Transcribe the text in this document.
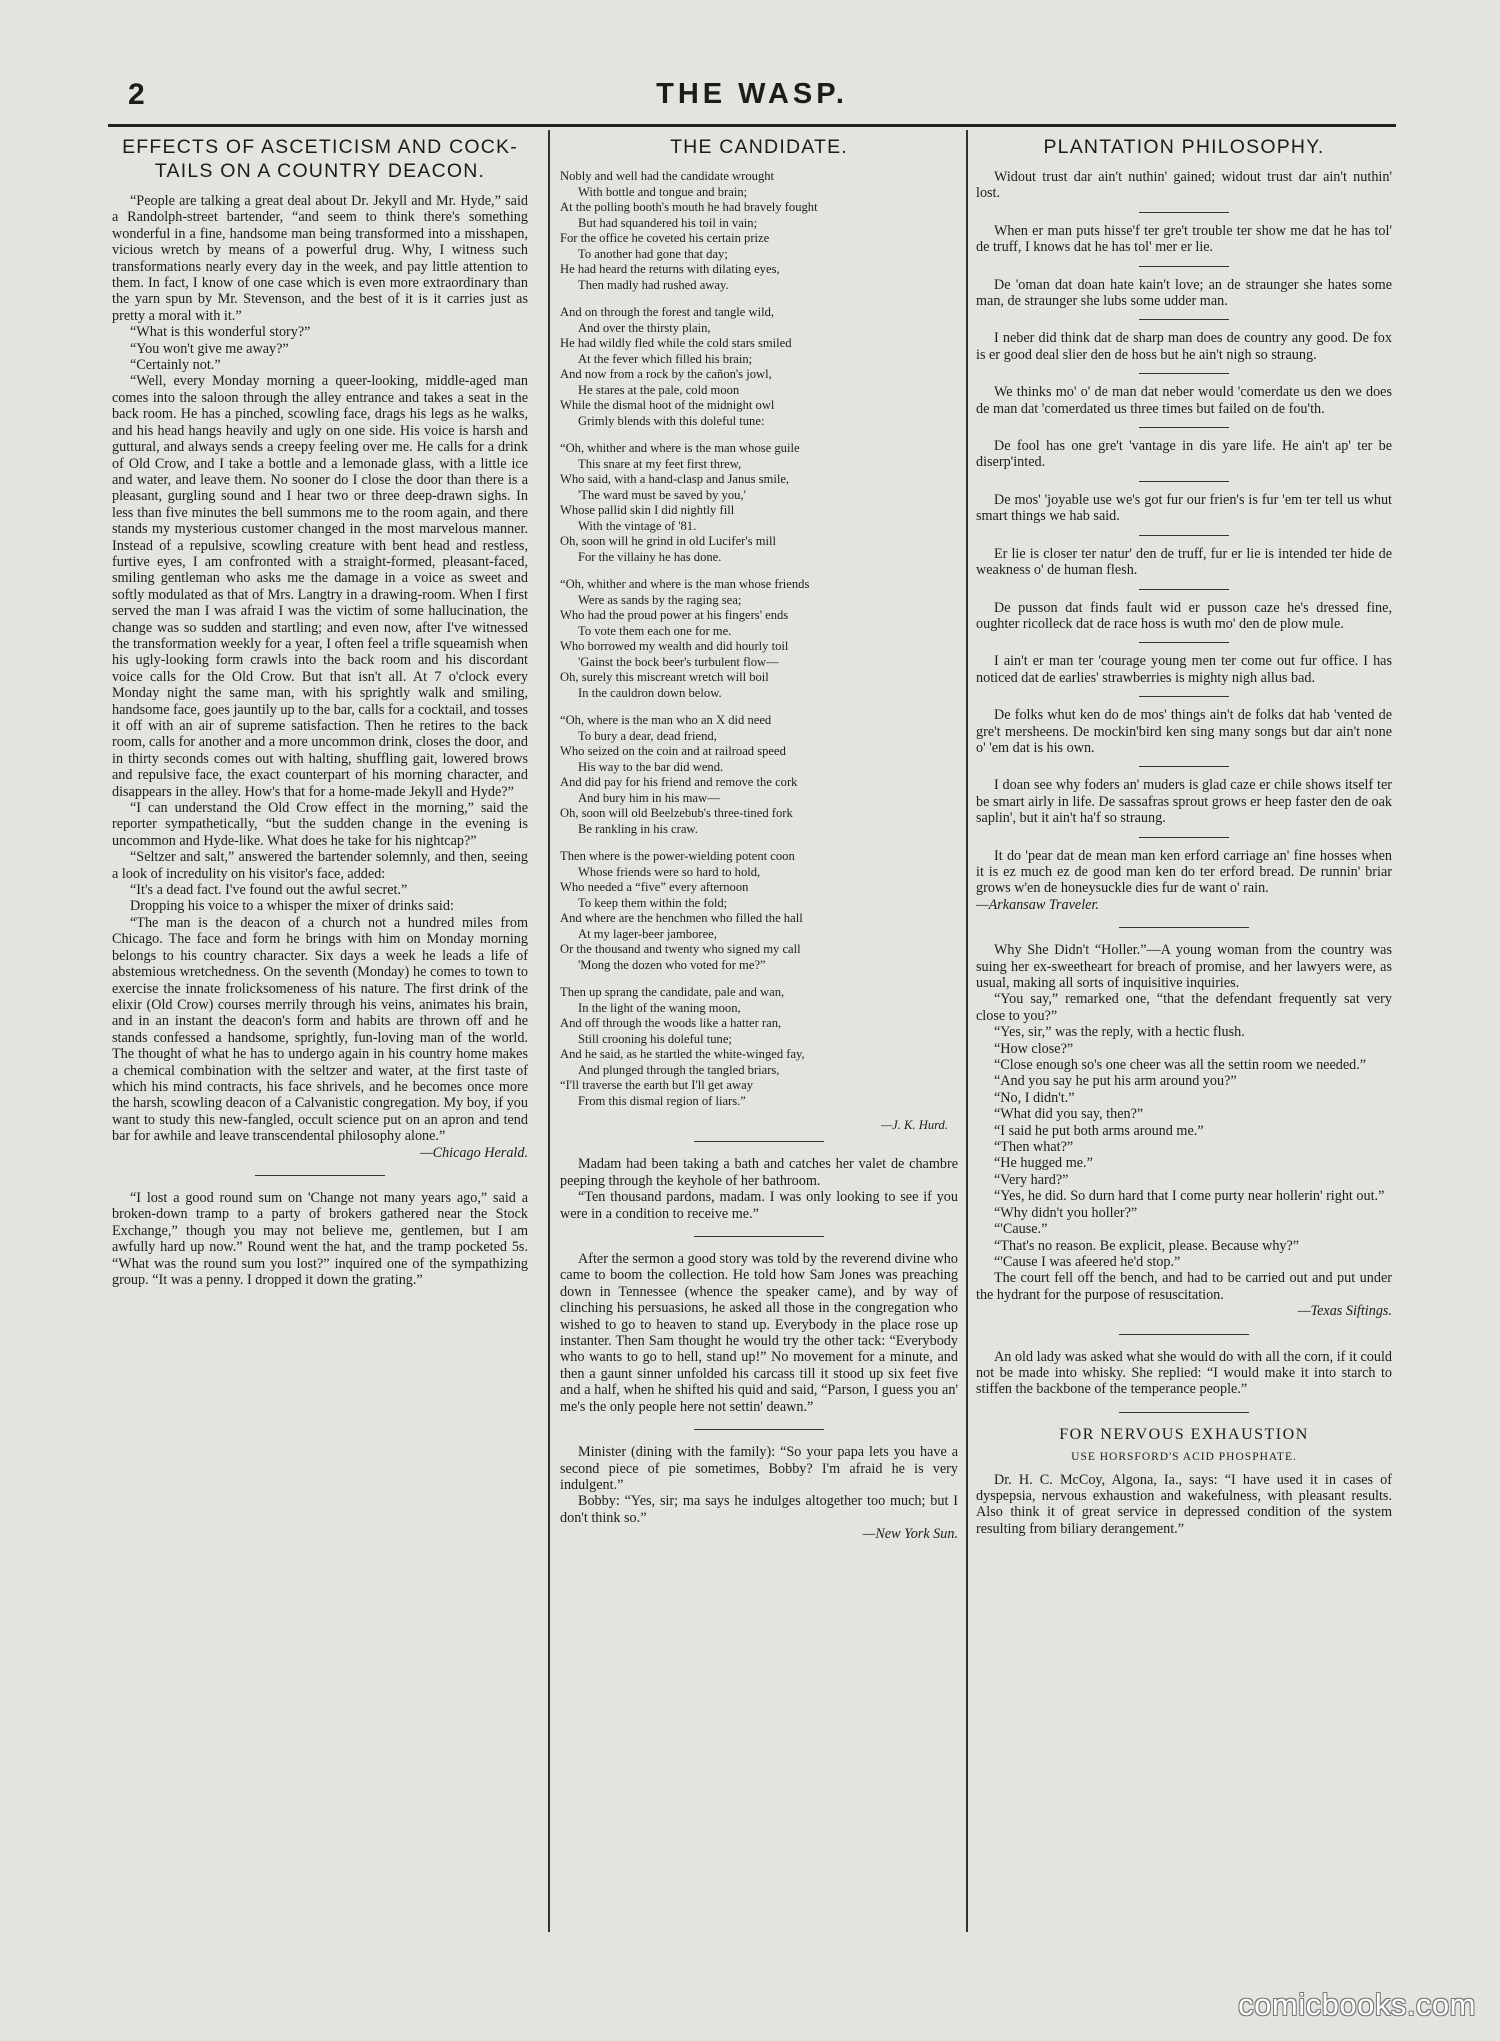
2	THE WASP.
EFFECTS OF ASCETICISM AND COCK-TAILS ON A COUNTRY DEACON.

“People are talking a great deal about Dr. Jekyll and Mr. Hyde,” said a Randolph-street bartender, “and seem to think there's something wonderful in a fine, handsome man being transformed into a misshapen, vicious wretch by means of a powerful drug. Why, I witness such transformations nearly every day in the week, and pay little attention to them. In fact, I know of one case which is even more extraordinary than the yarn spun by Mr. Stevenson, and the best of it is it carries just as pretty a moral with it.”

“What is this wonderful story?”

“You won't give me away?”

“Certainly not.”

“Well, every Monday morning a queer-looking, middle-aged man comes into the saloon through the alley entrance and takes a seat in the back room. He has a pinched, scowling face, drags his legs as he walks, and his head hangs heavily and ugly on one side. His voice is harsh and guttural, and always sends a creepy feeling over me. He calls for a drink of Old Crow, and I take a bottle and a lemonade glass, with a little ice and water, and leave them. No sooner do I close the door than there is a pleasant, gurgling sound and I hear two or three deep-drawn sighs. In less than five minutes the bell summons me to the room again, and there stands my mysterious customer changed in the most marvelous manner. Instead of a repulsive, scowling creature with bent head and restless, furtive eyes, I am confronted with a straight-formed, pleasant-faced, smiling gentleman who asks me the damage in a voice as sweet and softly modulated as that of Mrs. Langtry in a drawing-room. When I first served the man I was afraid I was the victim of some hallucination, the change was so sudden and startling; and even now, after I've witnessed the transformation weekly for a year, I often feel a trifle squeamish when his ugly-looking form crawls into the back room and his discordant voice calls for the Old Crow. But that isn't all. At 7 o'clock every Monday night the same man, with his sprightly walk and smiling, handsome face, goes jauntily up to the bar, calls for a cocktail, and tosses it off with an air of supreme satisfaction. Then he retires to the back room, calls for another and a more uncommon drink, closes the door, and in thirty seconds comes out with halting, shuffling gait, lowered brows and repulsive face, the exact counterpart of his morning character, and disappears in the alley. How's that for a home-made Jekyll and Hyde?”

“I can understand the Old Crow effect in the morning,” said the reporter sympathetically, “but the sudden change in the evening is uncommon and Hyde-like. What does he take for his nightcap?”

“Seltzer and salt,” answered the bartender solemnly, and then, seeing a look of incredulity on his visitor's face, added:

“It's a dead fact. I've found out the awful secret.”

Dropping his voice to a whisper the mixer of drinks said:

“The man is the deacon of a church not a hundred miles from Chicago. The face and form he brings with him on Monday morning belongs to his country character. Six days a week he leads a life of abstemious wretchedness. On the seventh (Monday) he comes to town to exercise the innate frolicksomeness of his nature. The first drink of the elixir (Old Crow) courses merrily through his veins, animates his brain, and in an instant the deacon's form and habits are thrown off and he stands confessed a handsome, sprightly, fun-loving man of the world. The thought of what he has to undergo again in his country home makes a chemical combination with the seltzer and water, at the first taste of which his mind contracts, his face shrivels, and he becomes once more the harsh, scowling deacon of a Calvanistic congregation. My boy, if you want to study this new-fangled, occult science put on an apron and tend bar for awhile and leave transcendental philosophy alone.”

—Chicago Herald.

“I lost a good round sum on 'Change not many years ago,” said a broken-down tramp to a party of brokers gathered near the Stock Exchange,” though you may not believe me, gentlemen, but I am awfully hard up now.” Round went the hat, and the tramp pocketed 5s. “What was the round sum you lost?” inquired one of the sympathizing group. “It was a penny. I dropped it down the grating.”

THE CANDIDATE.
Nobly and well had the candidate wrought
With bottle and tongue and brain;
At the polling booth's mouth he had bravely fought
But had squandered his toil in vain;
For the office he coveted his certain prize
To another had gone that day;
He had heard the returns with dilating eyes,
Then madly had rushed away.
And on through the forest and tangle wild,
And over the thirsty plain,
He had wildly fled while the cold stars smiled
At the fever which filled his brain;
And now from a rock by the cañon's jowl,
He stares at the pale, cold moon
While the dismal hoot of the midnight owl
Grimly blends with this doleful tune:
“Oh, whither and where is the man whose guile
This snare at my feet first threw,
Who said, with a hand-clasp and Janus smile,
'The ward must be saved by you,'
Whose pallid skin I did nightly fill
With the vintage of '81.
Oh, soon will he grind in old Lucifer's mill
For the villainy he has done.
“Oh, whither and where is the man whose friends
Were as sands by the raging sea;
Who had the proud power at his fingers' ends
To vote them each one for me.
Who borrowed my wealth and did hourly toil
'Gainst the bock beer's turbulent flow—
Oh, surely this miscreant wretch will boil
In the cauldron down below.
“Oh, where is the man who an X did need
To bury a dear, dead friend,
Who seized on the coin and at railroad speed
His way to the bar did wend.
And did pay for his friend and remove the cork
And bury him in his maw—
Oh, soon will old Beelzebub's three-tined fork
Be rankling in his craw.
Then where is the power-wielding potent coon
Whose friends were so hard to hold,
Who needed a “five” every afternoon
To keep them within the fold;
And where are the henchmen who filled the hall
At my lager-beer jamboree,
Or the thousand and twenty who signed my call
'Mong the dozen who voted for me?”
Then up sprang the candidate, pale and wan,
In the light of the waning moon,
And off through the woods like a hatter ran,
Still crooning his doleful tune;
And he said, as he startled the white-winged fay,
And plunged through the tangled briars,
“I'll traverse the earth but I'll get away
From this dismal region of liars.”
—J. K. Hurd.

Madam had been taking a bath and catches her valet de chambre peeping through the keyhole of her bathroom.

“Ten thousand pardons, madam. I was only looking to see if you were in a condition to receive me.”

After the sermon a good story was told by the reverend divine who came to boom the collection. He told how Sam Jones was preaching down in Tennessee (whence the speaker came), and by way of clinching his persuasions, he asked all those in the congregation who wished to go to heaven to stand up. Everybody in the place rose up instanter. Then Sam thought he would try the other tack: “Everybody who wants to go to hell, stand up!” No movement for a minute, and then a gaunt sinner unfolded his carcass till it stood up six feet five and a half, when he shifted his quid and said, “Parson, I guess you an' me's the only people here not settin' deawn.”

Minister (dining with the family): “So your papa lets you have a second piece of pie sometimes, Bobby? I'm afraid he is very indulgent.”

Bobby: “Yes, sir; ma says he indulges altogether too much; but I don't think so.”

—New York Sun.

PLANTATION PHILOSOPHY.

Widout trust dar ain't nuthin' gained; widout trust dar ain't nuthin' lost.

When er man puts hisse'f ter gre't trouble ter show me dat he has tol' de truff, I knows dat he has tol' mer er lie.

De 'oman dat doan hate kain't love; an de straunger she hates some man, de straunger she lubs some udder man.

I neber did think dat de sharp man does de country any good. De fox is er good deal slier den de hoss but he ain't nigh so straung.

We thinks mo' o' de man dat neber would 'comerdate us den we does de man dat 'comerdated us three times but failed on de fou'th.

De fool has one gre't 'vantage in dis yare life. He ain't ap' ter be diserp'inted.

De mos' 'joyable use we's got fur our frien's is fur 'em ter tell us whut smart things we hab said.

Er lie is closer ter natur' den de truff, fur er lie is intended ter hide de weakness o' de human flesh.

De pusson dat finds fault wid er pusson caze he's dressed fine, oughter ricolleck dat de race hoss is wuth mo' den de plow mule.

I ain't er man ter 'courage young men ter come out fur office. I has noticed dat de earlies' strawberries is mighty nigh allus bad.

De folks whut ken do de mos' things ain't de folks dat hab 'vented de gre't mersheens. De mockin'bird ken sing many songs but dar ain't none o' 'em dat is his own.

I doan see why foders an' muders is glad caze er chile shows itself ter be smart airly in life. De sassafras sprout grows er heep faster den de oak saplin', but it ain't ha'f so straung.

It do 'pear dat de mean man ken erford carriage an' fine hosses when it is ez much ez de good man ken do ter erford bread. De runnin' briar grows w'en de honeysuckle dies fur de want o' rain.

—Arkansaw Traveler.

Why She Didn't “Holler.”—A young woman from the country was suing her ex-sweetheart for breach of promise, and her lawyers were, as usual, making all sorts of inquisitive inquiries.

“You say,” remarked one, “that the defendant frequently sat very close to you?”

“Yes, sir,” was the reply, with a hectic flush.

“How close?”

“Close enough so's one cheer was all the settin room we needed.”

“And you say he put his arm around you?”

“No, I didn't.”

“What did you say, then?”

“I said he put both arms around me.”

“Then what?”

“He hugged me.”

“Very hard?”

“Yes, he did. So durn hard that I come purty near hollerin' right out.”

“Why didn't you holler?”

“'Cause.”

“That's no reason. Be explicit, please. Because why?”

“'Cause I was afeered he'd stop.”

The court fell off the bench, and had to be carried out and put under the hydrant for the purpose of resuscitation.

—Texas Siftings.

An old lady was asked what she would do with all the corn, if it could not be made into whisky. She replied: “I would make it into starch to stiffen the backbone of the temperance people.”

FOR NERVOUS EXHAUSTION
USE HORSFORD'S ACID PHOSPHATE.

Dr. H. C. McCoy, Algona, Ia., says: “I have used it in cases of dyspepsia, nervous exhaustion and wakefulness, with pleasant results. Also think it of great service in depressed condition of the system resulting from biliary derangement.”

comicbooks.com
